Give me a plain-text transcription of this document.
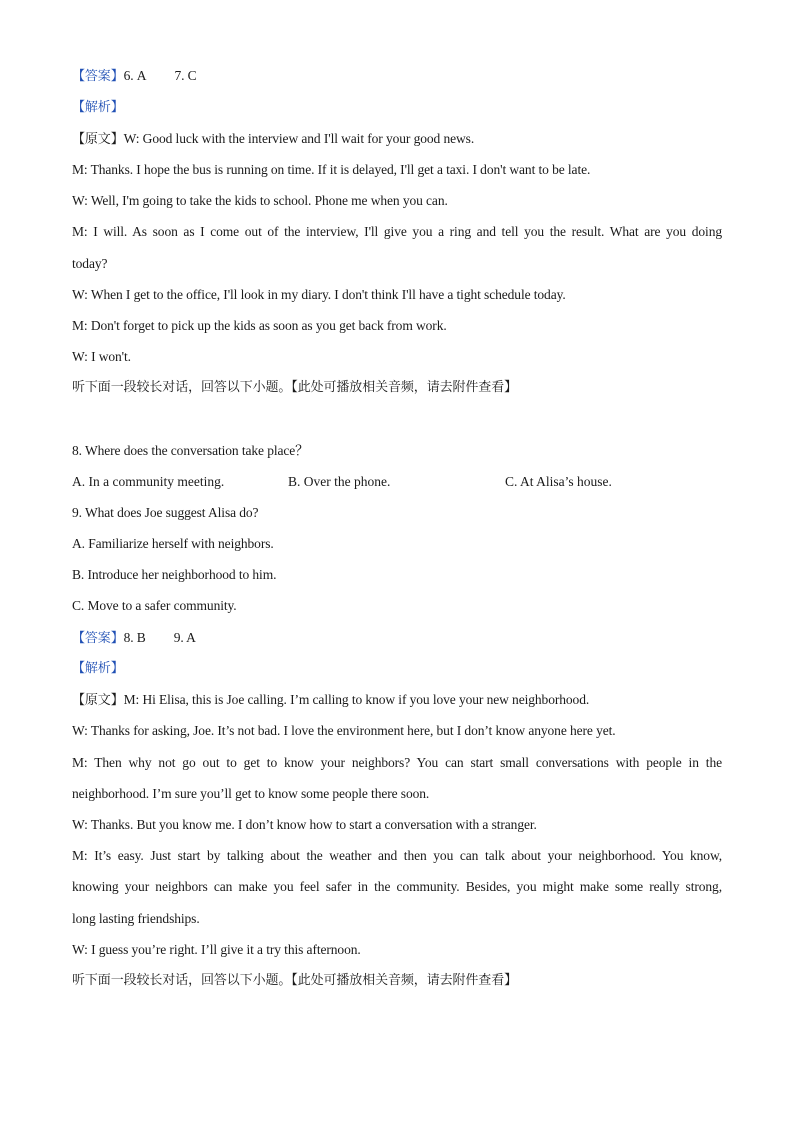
【答案】6. A 7. C
【解析】
【原文】W: Good luck with the interview and I'll wait for your good news.
M: Thanks. I hope the bus is running on time. If it is delayed, I'll get a taxi. I don't want to be late.
W: Well, I'm going to take the kids to school. Phone me when you can.
M: I will. As soon as I come out of the interview, I'll give you a ring and tell you the result. What are you doing
today?
W: When I get to the office, I'll look in my diary. I don't think I'll have a tight schedule today.
M: Don't forget to pick up the kids as soon as you get back from work.
W: I won't.
听下面一段较长对话，回答以下小题。【此处可播放相关音频，请去附件查看】
8. Where does the conversation take place？
A. In a community meeting.	B. Over the phone.	C. At Alisa’s house.
9. What does Joe suggest Alisa do?
A. Familiarize herself with neighbors.
B. Introduce her neighborhood to him.
C. Move to a safer community.
【答案】8. B 9. A
【解析】
【原文】M: Hi Elisa, this is Joe calling. I’m calling to know if you love your new neighborhood.
W: Thanks for asking, Joe. It’s not bad. I love the environment here, but I don’t know anyone here yet.
M: Then why not go out to get to know your neighbors? You can start small conversations with people in the
neighborhood. I’m sure you’ll get to know some people there soon.
W: Thanks. But you know me. I don’t know how to start a conversation with a stranger.
M: It’s easy. Just start by talking about the weather and then you can talk about your neighborhood. You know,
knowing your neighbors can make you feel safer in the community. Besides, you might make some really strong,
long lasting friendships.
W: I guess you’re right. I’ll give it a try this afternoon.
听下面一段较长对话，回答以下小题。【此处可播放相关音频，请去附件查看】
